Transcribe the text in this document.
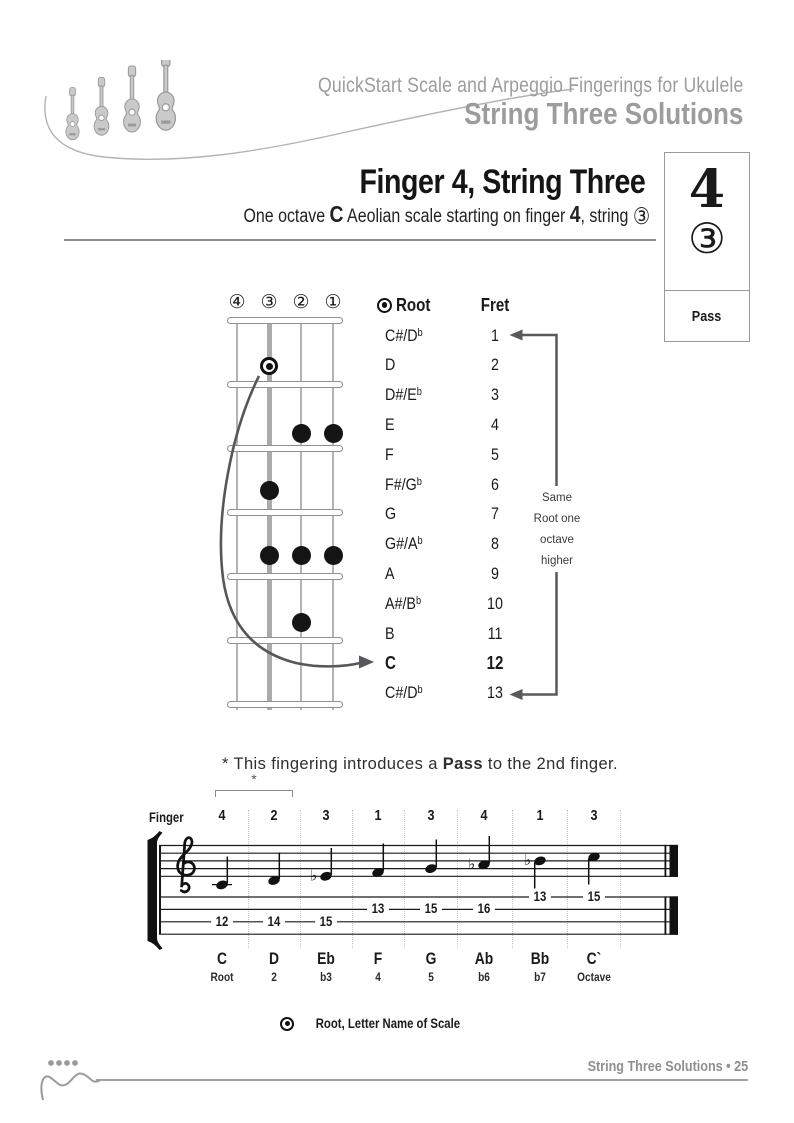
QuickStart Scale and Arpeggio Fingerings for Ukulele
String Three Solutions
Finger 4, String Three
One octave C Aeolian scale starting on finger 4, string ③ 4
③
Pass
④ ③ ② ①	Root	Fret
$C\#/D^b$	1
D	2
$D\#/E^b$	3
E	4
F	5
$F\#/G^b$	6
G	7
$G\#/A^b$	8
A	9
$A\#/B^b$	10
B	11
C	12
$C\#/D^b$	13
Same
Root one
octave
higher
* This fingering introduces a Pass to the 2nd finger.
*
Finger	4	2	3	1	3	4	1	3
♭
♭	♭
12	14	15
13	15	16
13	15
C	D	Eb	F	G	Ab	Bb	C`
Root	2	b3	4	5	b6	b7	Octave
Root, Letter Name of Scale
String Three Solutions • 25
